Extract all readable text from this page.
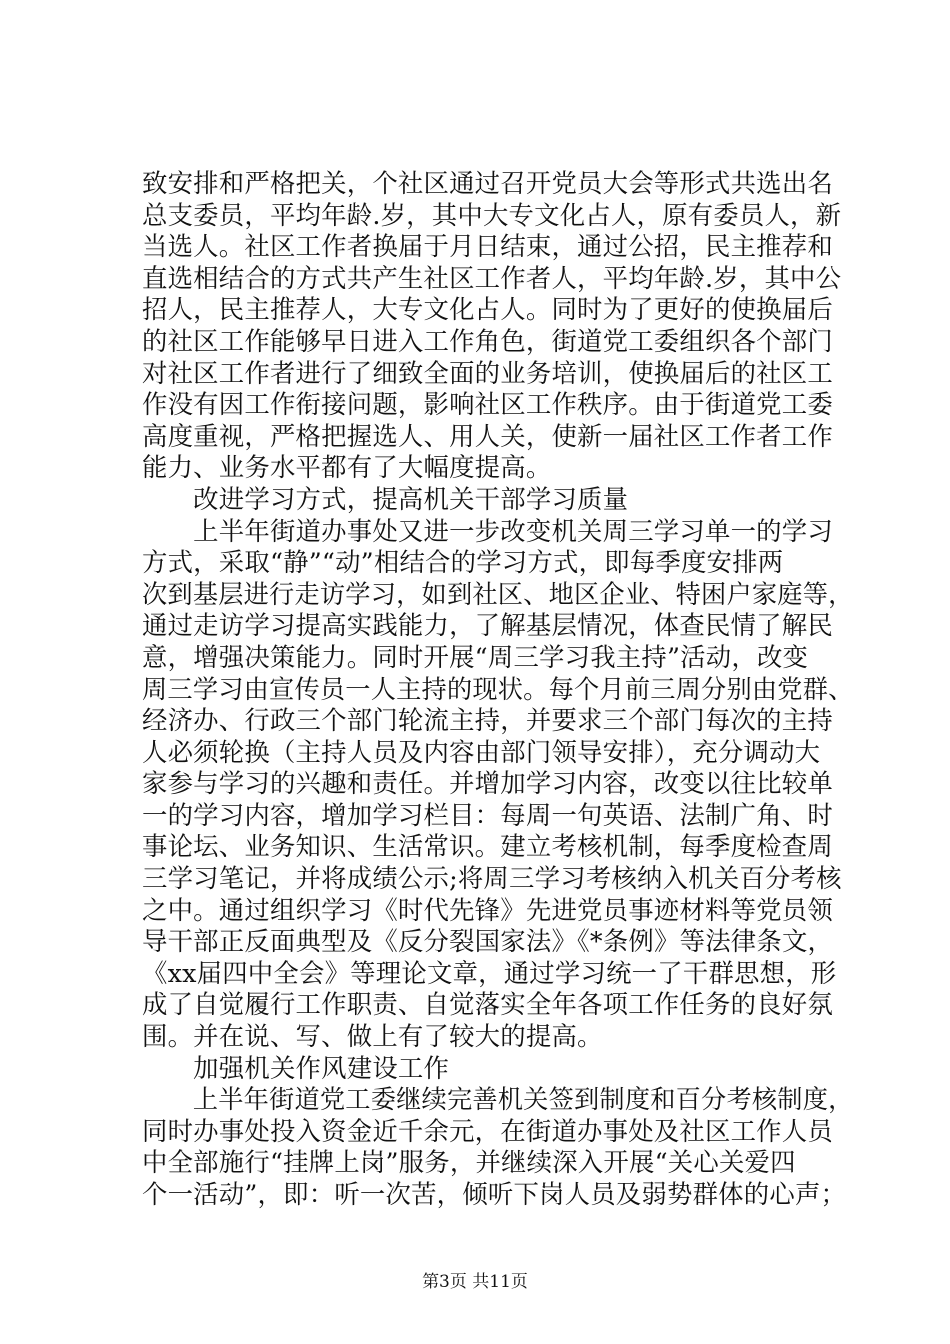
致安排和严格把关，个社区通过召开党员大会等形式共选出名
总支委员，平均年龄.岁，其中大专文化占人，原有委员人，新
当选人。社区工作者换届于月日结束，通过公招，民主推荐和
直选相结合的方式共产生社区工作者人，平均年龄.岁，其中公
招人，民主推荐人，大专文化占人。同时为了更好的使换届后
的社区工作能够早日进入工作角色，街道党工委组织各个部门
对社区工作者进行了细致全面的业务培训，使换届后的社区工
作没有因工作衔接问题，影响社区工作秩序。由于街道党工委
高度重视，严格把握选人、用人关，使新一届社区工作者工作
能力、业务水平都有了大幅度提高。
　　改进学习方式，提高机关干部学习质量
　　上半年街道办事处又进一步改变机关周三学习单一的学习
方式，采取“静”“动”相结合的学习方式，即每季度安排两
次到基层进行走访学习，如到社区、地区企业、特困户家庭等，
通过走访学习提高实践能力，了解基层情况，体查民情了解民
意，增强决策能力。同时开展“周三学习我主持”活动，改变
周三学习由宣传员一人主持的现状。每个月前三周分别由党群、
经济办、行政三个部门轮流主持，并要求三个部门每次的主持
人必须轮换（主持人员及内容由部门领导安排），充分调动大
家参与学习的兴趣和责任。并增加学习内容，改变以往比较单
一的学习内容，增加学习栏目：每周一句英语、法制广角、时
事论坛、业务知识、生活常识。建立考核机制，每季度检查周
三学习笔记，并将成绩公示;将周三学习考核纳入机关百分考核
之中。通过组织学习《时代先锋》先进党员事迹材料等党员领
导干部正反面典型及《反分裂国家法》《*条例》等法律条文，
《xx届四中全会》等理论文章，通过学习统一了干群思想，形
成了自觉履行工作职责、自觉落实全年各项工作任务的良好氛
围。并在说、写、做上有了较大的提高。
　　加强机关作风建设工作
　　上半年街道党工委继续完善机关签到制度和百分考核制度，
同时办事处投入资金近千余元，在街道办事处及社区工作人员
中全部施行“挂牌上岗”服务，并继续深入开展“关心关爱四
个一活动”，即：听一次苦，倾听下岗人员及弱势群体的心声；
第3页 共11页
